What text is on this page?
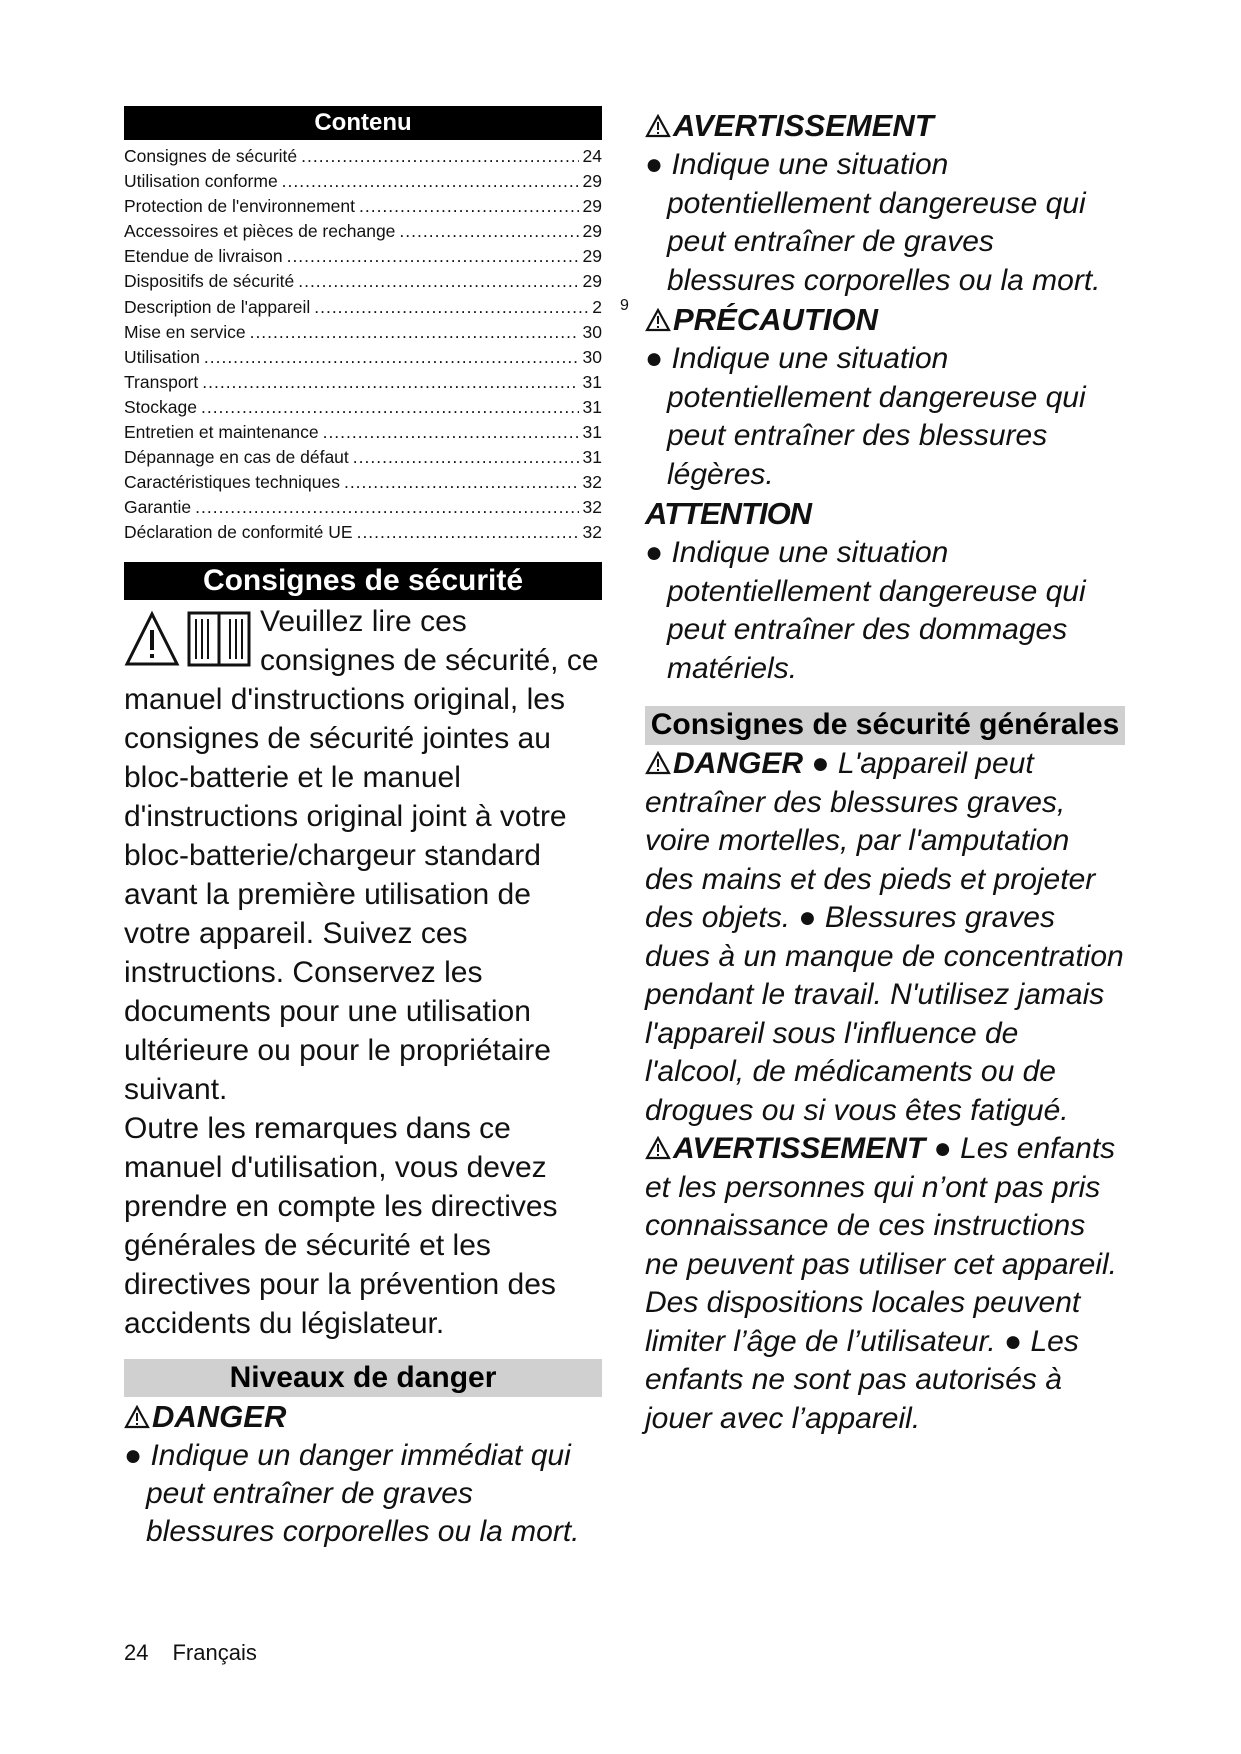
Contenu
Consignes de sécurité .....	24
Utilisation conforme .....	29
Protection de l'environnement .....	29
Accessoires et pièces de rechange .....	29
Etendue de livraison .....	29
Dispositifs de sécurité .....	29
Description de l'appareil .....	2
Mise en service .....	30
Utilisation .....	30
Transport .....	31
Stockage .....	31
Entretien et maintenance .....	31
Dépannage en cas de défaut .....	31
Caractéristiques techniques .....	32
Garantie .....	32
Déclaration de conformité UE .....	32
Consignes de sécurité
Veuillez lire ces consignes de sécurité, ce manuel d'instructions original, les consignes de sécurité jointes au bloc-batterie et le manuel d'instructions original joint à votre bloc-batterie/chargeur standard avant la première utilisation de votre appareil. Suivez ces instructions. Conservez les documents pour une utilisation ultérieure ou pour le propriétaire suivant.
Outre les remarques dans ce manuel d'utilisation, vous devez prendre en compte les directives générales de sécurité et les directives pour la prévention des accidents du législateur.
Niveaux de danger
DANGER
● Indique un danger immédiat qui peut entraîner de graves blessures corporelles ou la mort.
9
AVERTISSEMENT
● Indique une situation potentiellement dangereuse qui peut entraîner de graves blessures corporelles ou la mort.
PRÉCAUTION
● Indique une situation potentiellement dangereuse qui peut entraîner des blessures légères.
ATTENTION
● Indique une situation potentiellement dangereuse qui peut entraîner des dommages matériels.
Consignes de sécurité générales
DANGER ● L'appareil peut entraîner des blessures graves, voire mortelles, par l'amputation des mains et des pieds et projeter des objets. ● Blessures graves dues à un manque de concentration pendant le travail. N'utilisez jamais l'appareil sous l'influence de l'alcool, de médicaments ou de drogues ou si vous êtes fatigué.
AVERTISSEMENT ● Les enfants et les personnes qui n’ont pas pris connaissance de ces instructions ne peuvent pas utiliser cet appareil. Des dispositions locales peuvent limiter l’âge de l’utilisateur. ● Les enfants ne sont pas autorisés à jouer avec l’appareil.
24 Français
